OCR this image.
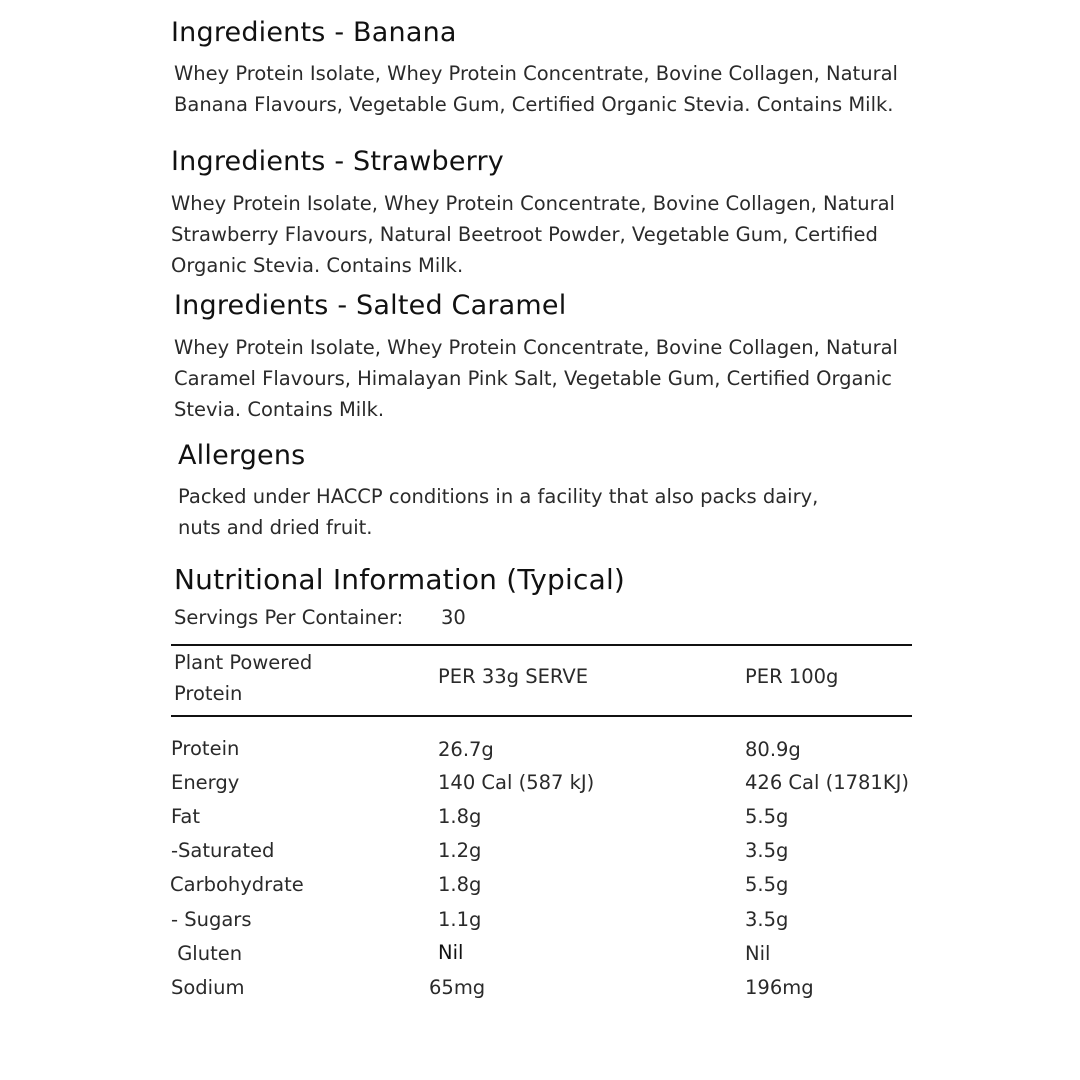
Ingredients - Banana
Whey Protein Isolate, Whey Protein Concentrate, Bovine Collagen, Natural
Banana Flavours, Vegetable Gum, Certified Organic Stevia. Contains Milk.
Ingredients - Strawberry
Whey Protein Isolate, Whey Protein Concentrate, Bovine Collagen, Natural
Strawberry Flavours, Natural Beetroot Powder, Vegetable Gum, Certified
Organic Stevia. Contains Milk.
Ingredients - Salted Caramel
Whey Protein Isolate, Whey Protein Concentrate, Bovine Collagen, Natural
Caramel Flavours, Himalayan Pink Salt, Vegetable Gum, Certified Organic
Stevia. Contains Milk.
Allergens
Packed under HACCP conditions in a facility that also packs dairy,
nuts and dried fruit.
Nutritional Information (Typical)
Servings Per Container: 30
Plant Powered
Protein
PER 33g SERVE	PER 100g
Protein	26.7g	80.9g
Energy	140 Cal (587 kJ)	426 Cal (1781KJ)
Fat	1.8g	5.5g
-Saturated	1.2g	3.5g
Carbohydrate	1.8g	5.5g
- Sugars	1.1g	3.5g
Gluten	Nil	Nil
Sodium	65mg	196mg
